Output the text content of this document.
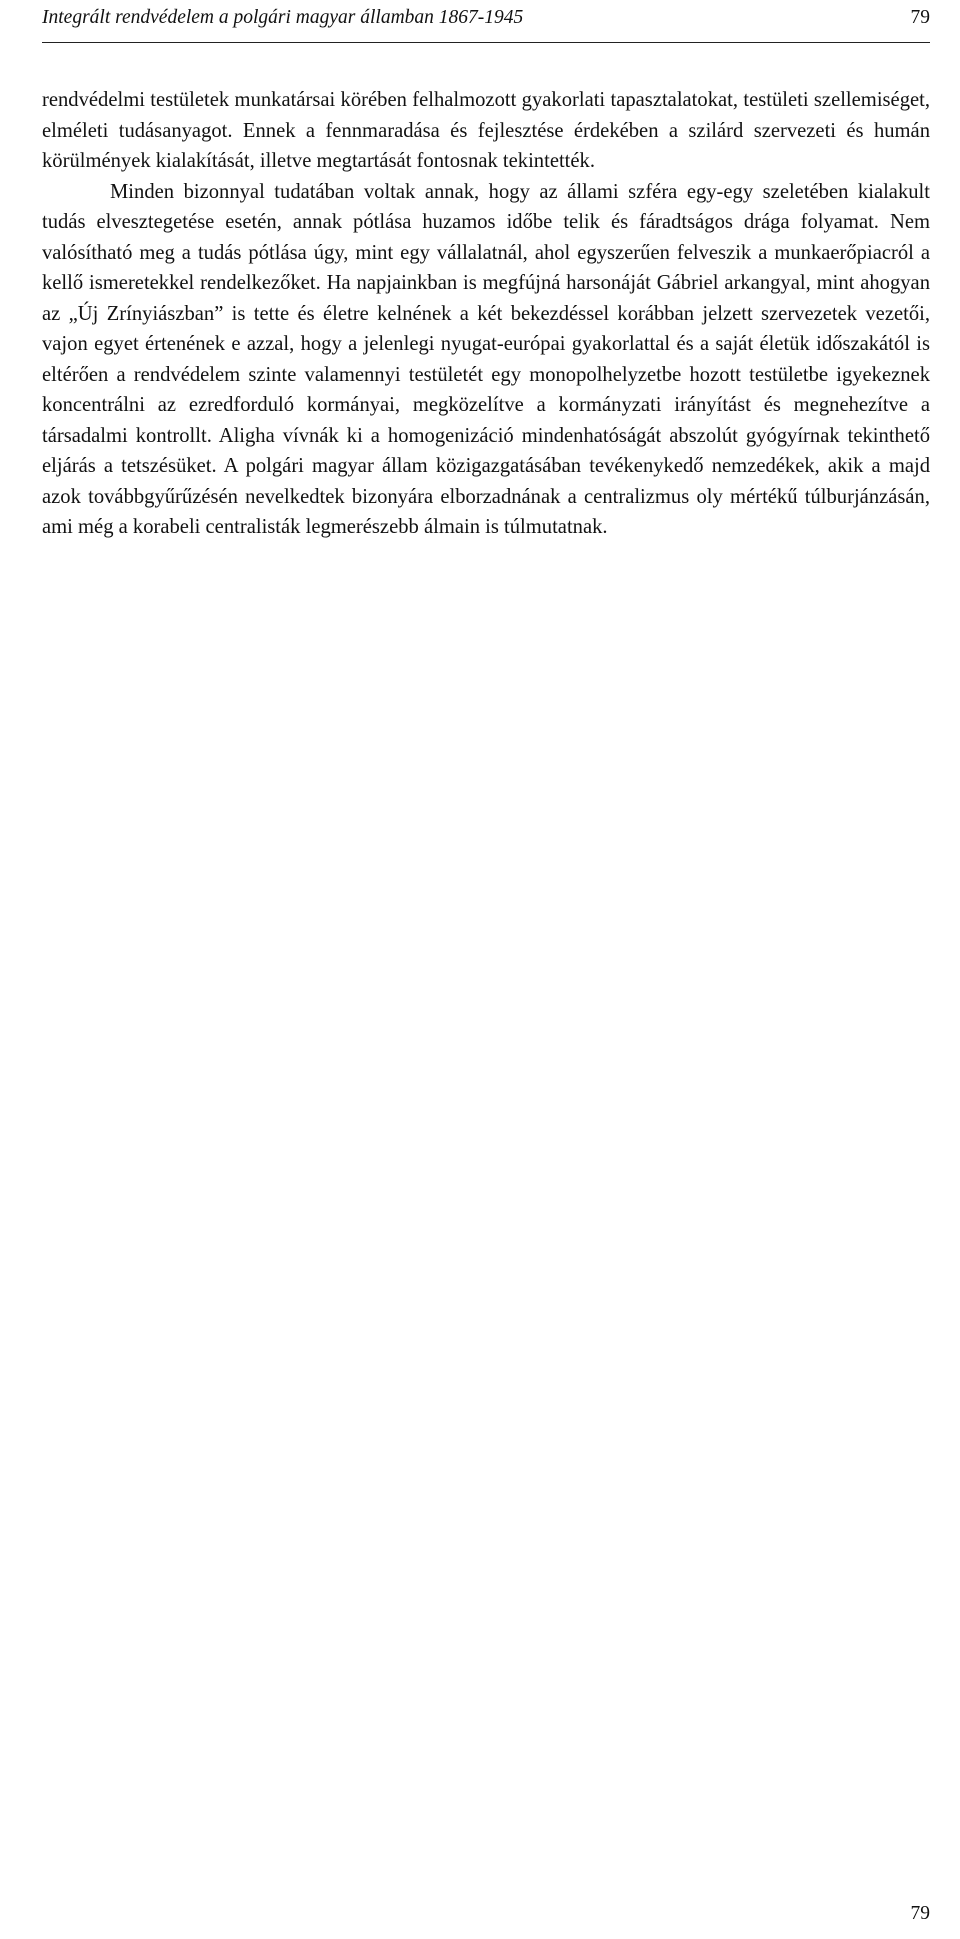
Integrált rendvédelem a polgári magyar államban 1867-1945	79

rendvédelmi testületek munkatársai körében felhalmozott gyakorlati tapasztalatokat, testületi szellemiséget, elméleti tudásanyagot. Ennek a fennmaradása és fejlesztése érdekében a szilárd szervezeti és humán körülmények kialakítását, illetve megtartását fontosnak tekintették.

Minden bizonnyal tudatában voltak annak, hogy az állami szféra egy-egy szeletében kialakult tudás elvesztegetése esetén, annak pótlása huzamos időbe telik és fáradtságos drága folyamat. Nem valósítható meg a tudás pótlása úgy, mint egy vállalatnál, ahol egyszerűen felveszik a munkaerőpiacról a kellő ismeretekkel rendelkezőket. Ha napjainkban is megfújná harsonáját Gábriel arkangyal, mint ahogyan az „Új Zrínyiászban” is tette és életre kelnének a két bekezdéssel korábban jelzett szervezetek vezetői, vajon egyet értenének e azzal, hogy a jelenlegi nyugat-európai gyakorlattal és a saját életük időszakától is eltérően a rendvédelem szinte valamennyi testületét egy monopolhelyzetbe hozott testületbe igyekeznek koncentrálni az ezredforduló kormányai, megközelítve a kormányzati irányítást és megnehezítve a társadalmi kontrollt. Aligha vívnák ki a homogenizáció mindenhatóságát abszolút gyógyírnak tekinthető eljárás a tetszésüket. A polgári magyar állam közigazgatásában tevékenykedő nemzedékek, akik a majd azok továbbgyűrűzésén nevelkedtek bizonyára elborzadnának a centralizmus oly mértékű túlburjánzásán, ami még a korabeli centralisták legmerészebb álmain is túlmutatnak.

79
